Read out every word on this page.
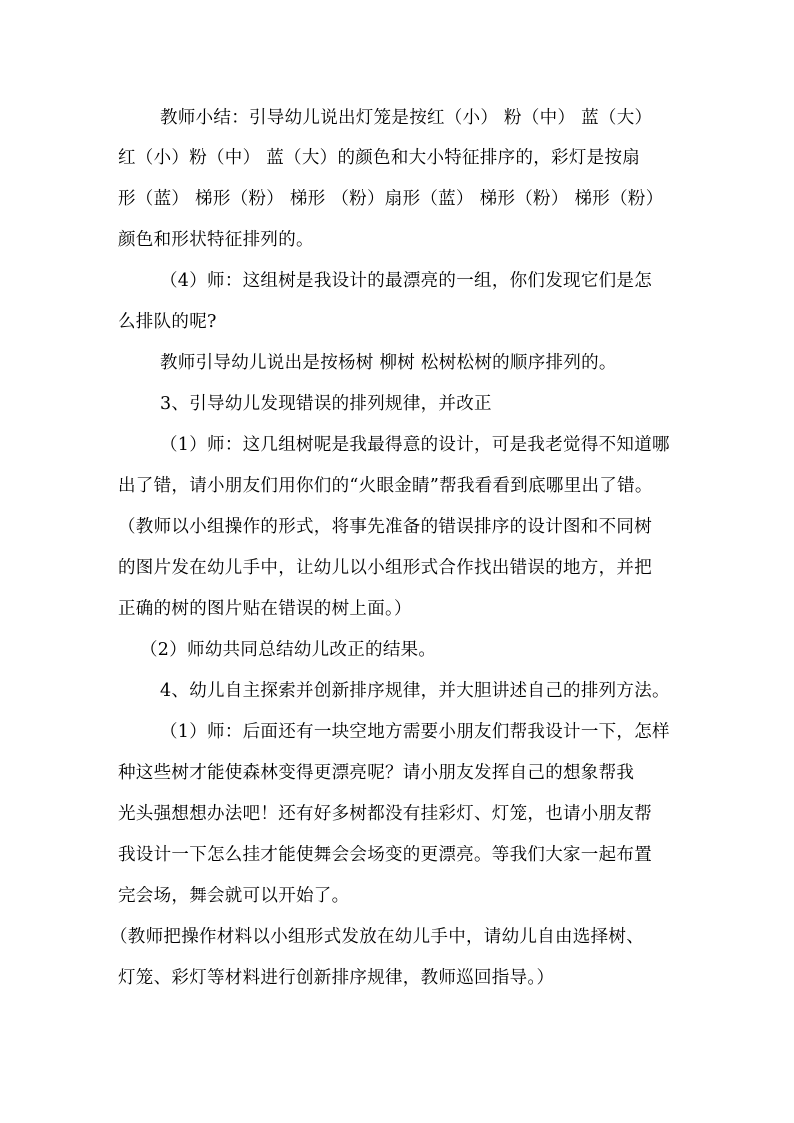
教师小结：引导幼儿说出灯笼是按红（小） 粉（中） 蓝（大）
红（小）粉（中） 蓝（大）的颜色和大小特征排序的，彩灯是按扇
形（蓝） 梯形（粉） 梯形 （粉）扇形（蓝） 梯形（粉） 梯形（粉）
颜色和形状特征排列的。
（4）师：这组树是我设计的最漂亮的一组，你们发现它们是怎
么排队的呢?
教师引导幼儿说出是按杨树 柳树 松树松树的顺序排列的。
3、引导幼儿发现错误的排列规律，并改正
（1）师：这几组树呢是我最得意的设计，可是我老觉得不知道哪
出了错，请小朋友们用你们的“火眼金睛”帮我看看到底哪里出了错。
（教师以小组操作的形式，将事先准备的错误排序的设计图和不同树
的图片发在幼儿手中，让幼儿以小组形式合作找出错误的地方，并把
正确的树的图片贴在错误的树上面。）
（2）师幼共同总结幼儿改正的结果。
4、幼儿自主探索并创新排序规律，并大胆讲述自己的排列方法。
（1）师：后面还有一块空地方需要小朋友们帮我设计一下，怎样
种这些树才能使森林变得更漂亮呢？请小朋友发挥自己的想象帮我
光头强想想办法吧！还有好多树都没有挂彩灯、灯笼，也请小朋友帮
我设计一下怎么挂才能使舞会会场变的更漂亮。等我们大家一起布置
完会场，舞会就可以开始了。
（教师把操作材料以小组形式发放在幼儿手中，请幼儿自由选择树、
灯笼、彩灯等材料进行创新排序规律，教师巡回指导。）
